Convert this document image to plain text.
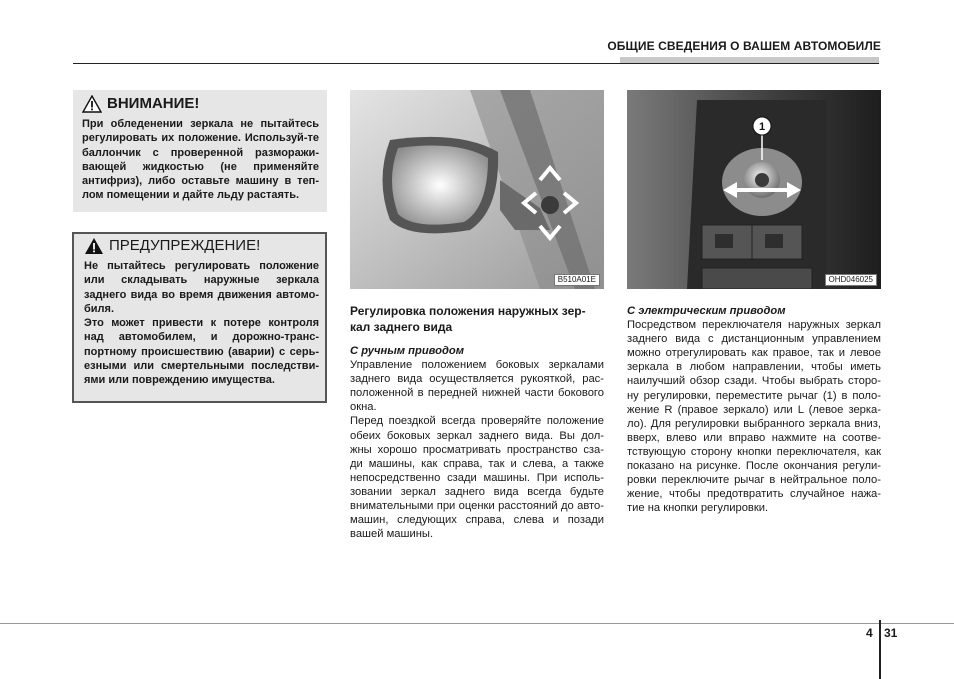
ОБЩИЕ СВЕДЕНИЯ О ВАШЕМ АВТОМОБИЛЕ
ВНИМАНИЕ!

При обледенении зеркала не пытайтесь регулировать их положение. Используй-те баллончик с проверенной разморажи-вающей жидкостью (не применяйте антифриз), либо оставьте машину в теп-лом помещении и дайте льду растаять.

ПРЕДУПРЕЖДЕНИЕ!

Не пытайтесь регулировать положение или складывать наружные зеркала заднего вида во время движения автомо-биля.

Это может привести к потере контроля над автомобилем, и дорожно-транс-портному происшествию (аварии) с серь-езными или смертельными последстви-ями или повреждению имущества.

B510A01E
1
OHD046025
Регулировка положения наружных зер-кал заднего вида
С ручным приводом

Управление положением боковых зеркалами заднего вида осуществляется рукояткой, рас-положенной в передней нижней части бокового окна.

Перед поездкой всегда проверяйте положение обеих боковых зеркал заднего вида. Вы дол-жны хорошо просматривать пространство сза-ди машины, как справа, так и слева, а также непосредственно сзади машины. При исполь-зовании зеркал заднего вида всегда будьте внимательными при оценки расстояний до авто-машин, следующих справа, слева и позади вашей машины.

С электрическим приводом

Посредством переключателя наружных зеркал заднего вида с дистанционным управлением можно отрегулировать как правое, так и левое зеркала в любом направлении, чтобы иметь наилучший обзор сзади. Чтобы выбрать сторо-ну регулировки, переместите рычаг (1) в поло-жение R (правое зеркало) или L (левое зерка-ло). Для регулировки выбранного зеркала вниз, вверх, влево или вправо нажмите на соотве-тствующую сторону кнопки переключателя, как показано на рисунке. После окончания регули-ровки переключите рычаг в нейтральное поло-жение, чтобы предотвратить случайное нажа-тие на кнопки регулировки.

4 31
